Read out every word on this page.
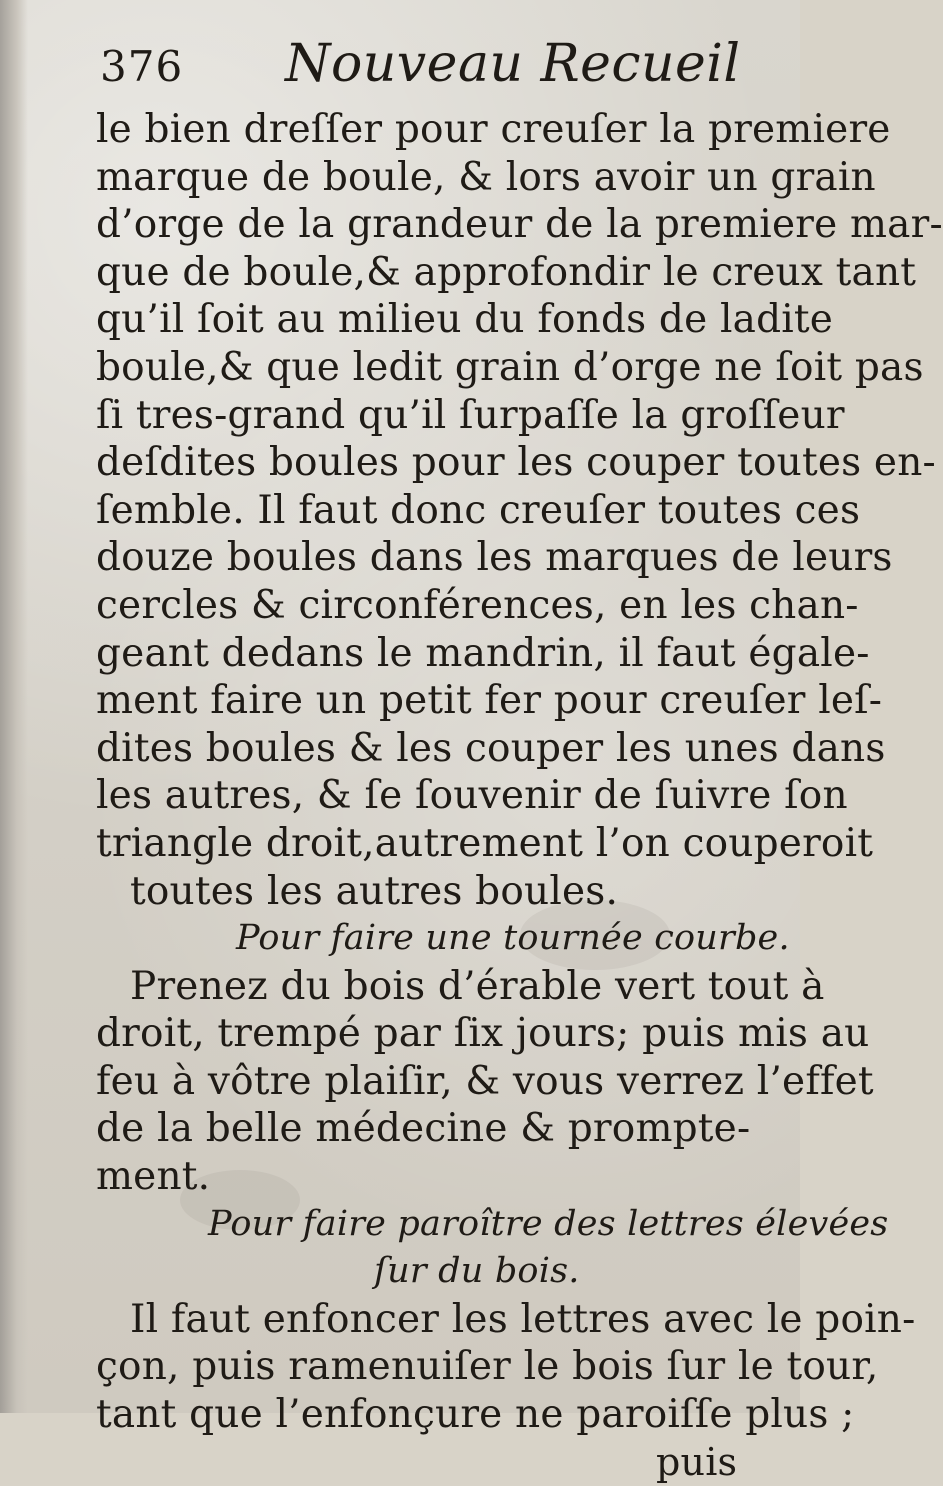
376 Nouveau Recueil
le bien dreſſer pour creuſer la premiere
marque de boule, & lors avoir un grain
d’orge de la grandeur de la premiere mar-
que de boule,& approfondir le creux tant
qu’il ſoit au milieu du fonds de ladite
boule,& que ledit grain d’orge ne ſoit pas
ſi tres-grand qu’il ſurpaſſe la groſſeur
deſdites boules pour les couper toutes en-
ſemble. Il faut donc creuſer toutes ces
douze boules dans les marques de leurs
cercles & circonférences, en les chan-
geant dedans le mandrin, il faut égale-
ment faire un petit fer pour creuſer leſ-
dites boules & les couper les unes dans
les autres, & ſe ſouvenir de ſuivre ſon
triangle droit,autrement l’on couperoit
toutes les autres boules.
Pour faire une tournée courbe.
Prenez du bois d’érable vert tout à
droit, trempé par ſix jours; puis mis au
feu à vôtre plaiſir, & vous verrez l’effet
de la belle médecine & prompte-
ment.
Pour faire paroître des lettres élevées
ſur du bois.
Il faut enfoncer les lettres avec le poin-
çon, puis ramenuiſer le bois ſur le tour,
tant que l’enfonçure ne paroiſſe plus ;
puis
